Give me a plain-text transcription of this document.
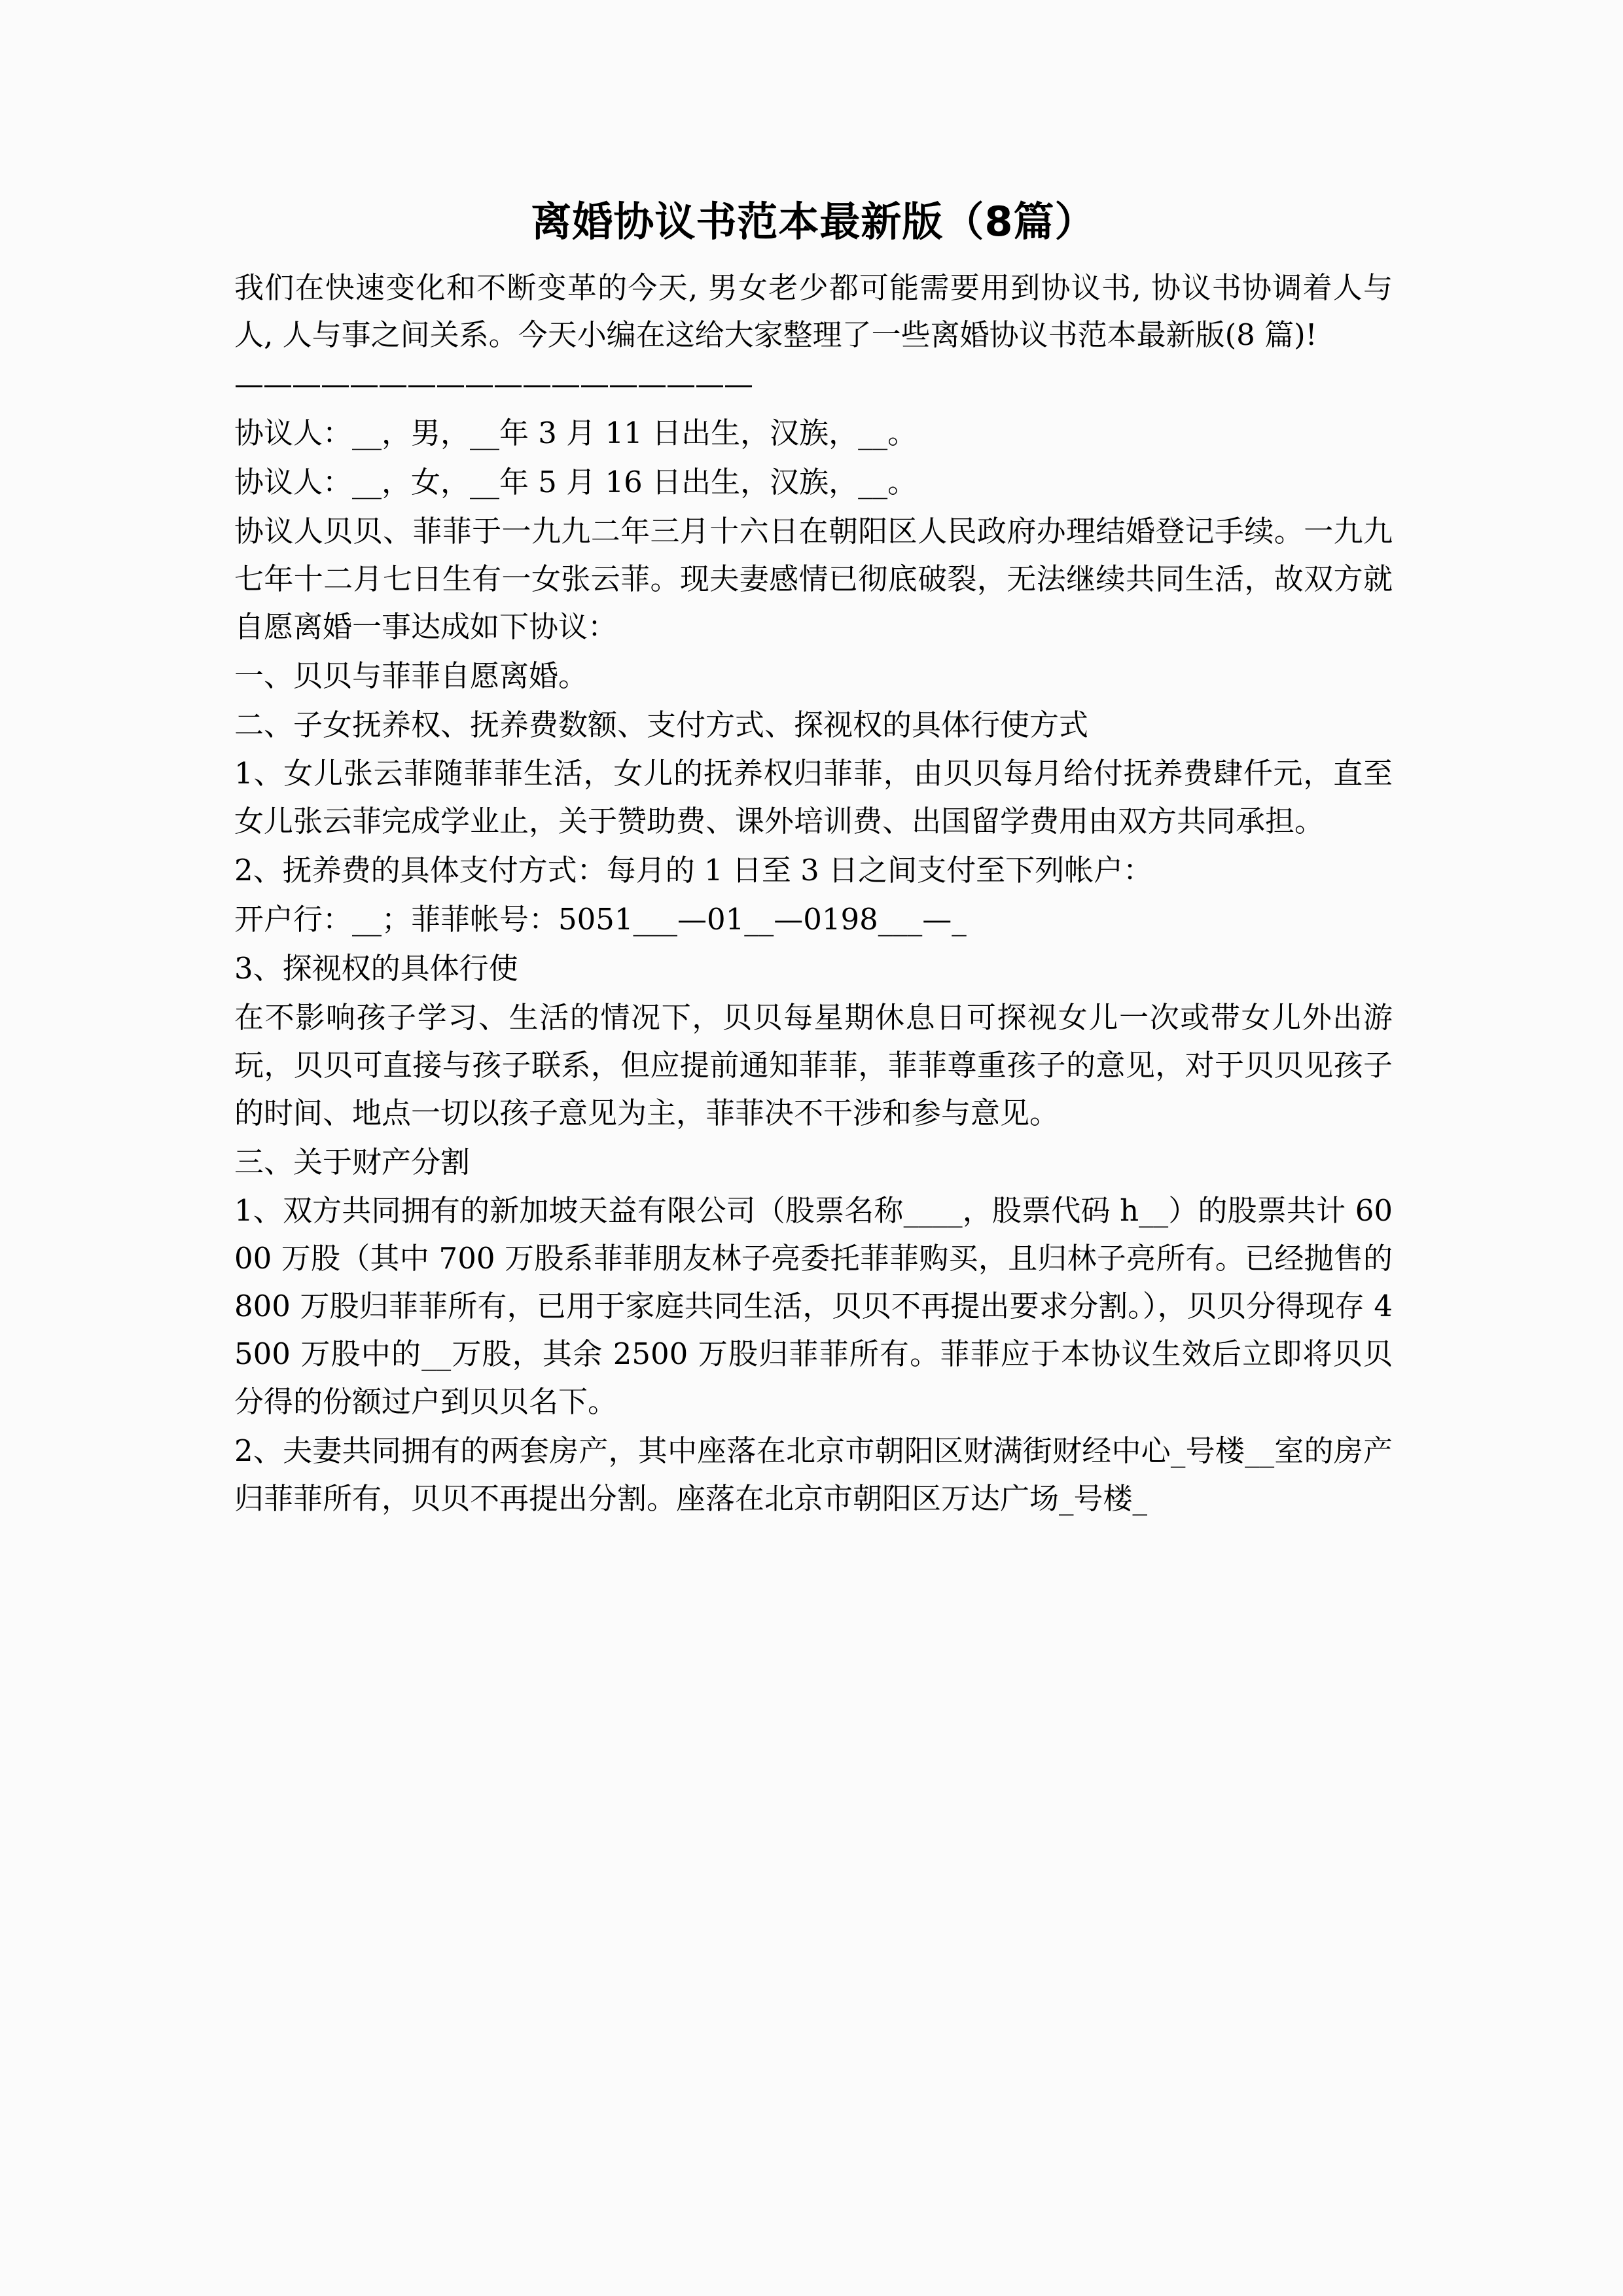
离婚协议书范本最新版（8篇）

我们在快速变化和不断变革的今天, 男女老少都可能需要用到协议书, 协议书协调着人与人, 人与事之间关系。今天小编在这给大家整理了一些离婚协议书范本最新版(8 篇)!

——————————————————

协议人：__，男，__年 3 月 11 日出生，汉族，__。

协议人：__，女，__年 5 月 16 日出生，汉族，__。

协议人贝贝、菲菲于一九九二年三月十六日在朝阳区人民政府办理结婚登记手续。一九九七年十二月七日生有一女张云菲。现夫妻感情已彻底破裂，无法继续共同生活，故双方就自愿离婚一事达成如下协议：

一、贝贝与菲菲自愿离婚。

二、子女抚养权、抚养费数额、支付方式、探视权的具体行使方式

1、女儿张云菲随菲菲生活，女儿的抚养权归菲菲，由贝贝每月给付抚养费肆仟元，直至女儿张云菲完成学业止，关于赞助费、课外培训费、出国留学费用由双方共同承担。

2、抚养费的具体支付方式：每月的 1 日至 3 日之间支付至下列帐户：

开户行：__；菲菲帐号：5051___—01__—0198___—_

3、探视权的具体行使

在不影响孩子学习、生活的情况下，贝贝每星期休息日可探视女儿一次或带女儿外出游玩，贝贝可直接与孩子联系，但应提前通知菲菲，菲菲尊重孩子的意见，对于贝贝见孩子的时间、地点一切以孩子意见为主，菲菲决不干涉和参与意见。

三、关于财产分割

1、双方共同拥有的新加坡天益有限公司（股票名称____，股票代码 h__）的股票共计 6000 万股（其中 700 万股系菲菲朋友林子亮委托菲菲购买，且归林子亮所有。已经抛售的 800 万股归菲菲所有，已用于家庭共同生活，贝贝不再提出要求分割。），贝贝分得现存 4500 万股中的__万股，其余 2500 万股归菲菲所有。菲菲应于本协议生效后立即将贝贝分得的份额过户到贝贝名下。

2、夫妻共同拥有的两套房产，其中座落在北京市朝阳区财满街财经中心_号楼__室的房产归菲菲所有，贝贝不再提出分割。座落在北京市朝阳区万达广场_号楼_
